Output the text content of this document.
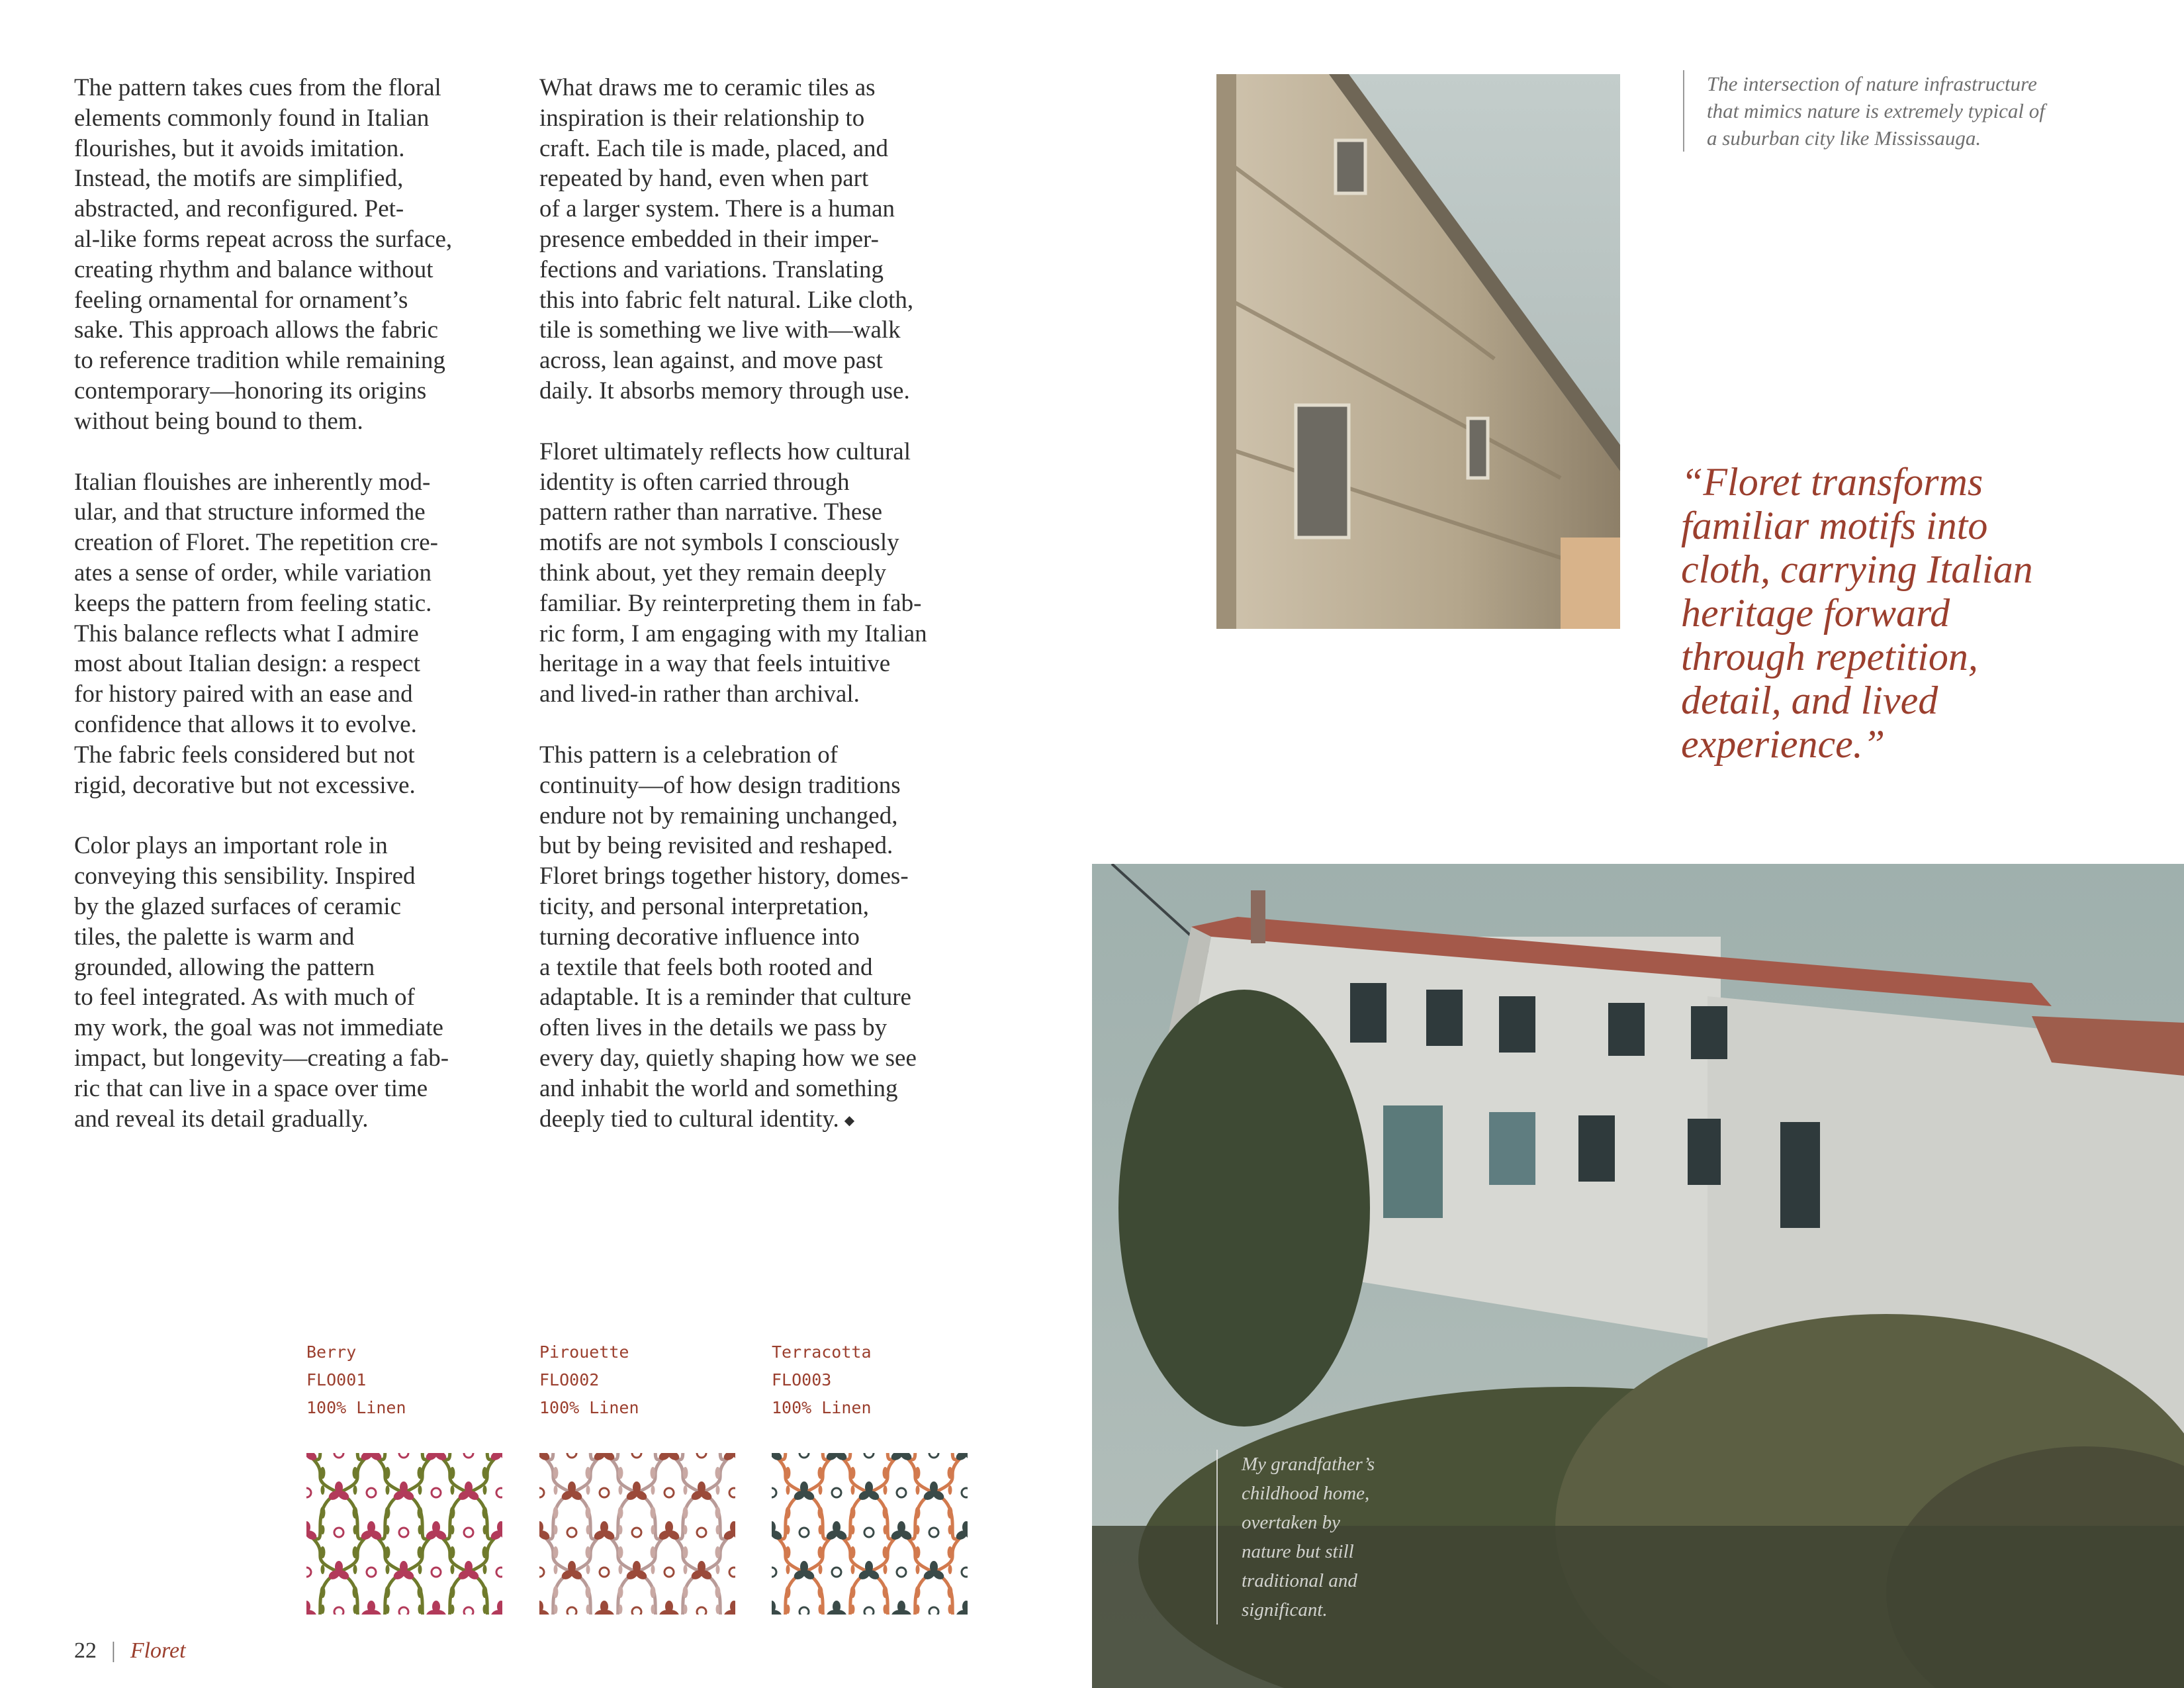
The pattern takes cues from the floral
elements commonly found in Italian
flourishes, but it avoids imitation.
Instead, the motifs are simplified,
abstracted, and reconfigured. Pet-
al-like forms repeat across the surface,
creating rhythm and balance without
feeling ornamental for ornament’s
sake. This approach allows the fabric
to reference tradition while remaining
contemporary—honoring its origins
without being bound to them.

Italian flouishes are inherently mod-
ular, and that structure informed the
creation of Floret. The repetition cre-
ates a sense of order, while variation
keeps the pattern from feeling static.
This balance reflects what I admire
most about Italian design: a respect
for history paired with an ease and
confidence that allows it to evolve.
The fabric feels considered but not
rigid, decorative but not excessive.

Color plays an important role in
conveying this sensibility. Inspired
by the glazed surfaces of ceramic
tiles, the palette is warm and
grounded, allowing the pattern
to feel integrated. As with much of
my work, the goal was not immediate
impact, but longevity—creating a fab-
ric that can live in a space over time
and reveal its detail gradually.

What draws me to ceramic tiles as
inspiration is their relationship to
craft. Each tile is made, placed, and
repeated by hand, even when part
of a larger system. There is a human
presence embedded in their imper-
fections and variations. Translating
this into fabric felt natural. Like cloth,
tile is something we live with—walk
across, lean against, and move past
daily. It absorbs memory through use.

Floret ultimately reflects how cultural
identity is often carried through
pattern rather than narrative. These
motifs are not symbols I consciously
think about, yet they remain deeply
familiar. By reinterpreting them in fab-
ric form, I am engaging with my Italian
heritage in a way that feels intuitive
and lived-in rather than archival.

This pattern is a celebration of
continuity—of how design traditions
endure not by remaining unchanged,
but by being revisited and reshaped.
Floret brings together history, domes-
ticity, and personal interpretation,
turning decorative influence into
a textile that feels both rooted and
adaptable. It is a reminder that culture
often lives in the details we pass by
every day, quietly shaping how we see
and inhabit the world and something
deeply tied to cultural identity. ◆

The intersection of nature infrastructure
that mimics nature is extremely typical of
a suburban city like Mississauga.
“Floret transforms
familiar motifs into
cloth, carrying Italian
heritage forward
through repetition,
detail, and lived
experience.”
My grandfather’s
childhood home,
overtaken by
nature but still
traditional and
significant.
Berry
FLO001
100% Linen
Pirouette
FLO002
100% Linen
Terracotta
FLO003
100% Linen
22 | Floret
